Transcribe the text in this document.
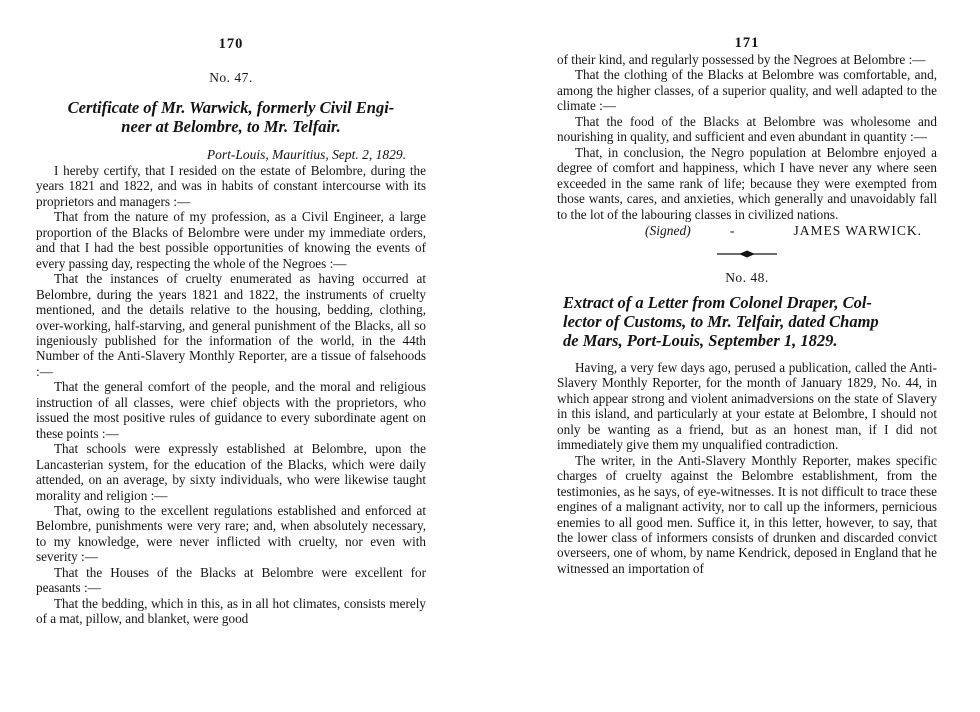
170

No. 47.

Certificate of Mr. Warwick, formerly Civil Engi-
neer at Belombre, to Mr. Telfair.

Port-Louis, Mauritius, Sept. 2, 1829.

I hereby certify, that I resided on the estate of Belombre, during the years 1821 and 1822, and was in habits of constant intercourse with its proprietors and managers :—

That from the nature of my profession, as a Civil Engineer, a large proportion of the Blacks of Belombre were under my immediate orders, and that I had the best possible opportunities of knowing the events of every passing day, respecting the whole of the Negroes :—

That the instances of cruelty enumerated as having occurred at Belombre, during the years 1821 and 1822, the instruments of cruelty mentioned, and the details relative to the housing, bedding, clothing, over-working, half-starving, and general punishment of the Blacks, all so ingeniously published for the information of the world, in the 44th Number of the Anti-Slavery Monthly Reporter, are a tissue of falsehoods :—

That the general comfort of the people, and the moral and religious instruction of all classes, were chief objects with the proprietors, who issued the most positive rules of guidance to every subordinate agent on these points :—

That schools were expressly established at Belombre, upon the Lancasterian system, for the education of the Blacks, which were daily attended, on an average, by sixty individuals, who were likewise taught morality and religion :—

That, owing to the excellent regulations established and enforced at Belombre, punishments were very rare; and, when absolutely necessary, to my knowledge, were never inflicted with cruelty, nor even with severity :—

That the Houses of the Blacks at Belombre were excellent for peasants :—

That the bedding, which in this, as in all hot climates, consists merely of a mat, pillow, and blanket, were good

171

of their kind, and regularly possessed by the Negroes at Belombre :—

That the clothing of the Blacks at Belombre was comfortable, and, among the higher classes, of a superior quality, and well adapted to the climate :—

That the food of the Blacks at Belombre was wholesome and nourishing in quality, and sufficient and even abundant in quantity :—

That, in conclusion, the Negro population at Belombre enjoyed a degree of comfort and happiness, which I have never any where seen exceeded in the same rank of life; because they were exempted from those wants, cares, and anxieties, which generally and unavoidably fall to the lot of the labouring classes in civilized nations.

(Signed)	-	JAMES WARWICK.

No. 48.

Extract of a Letter from Colonel Draper, Col-
lector of Customs, to Mr. Telfair, dated Champ
de Mars, Port-Louis, September 1, 1829.

Having, a very few days ago, perused a publication, called the Anti-Slavery Monthly Reporter, for the month of January 1829, No. 44, in which appear strong and violent animadversions on the state of Slavery in this island, and particularly at your estate at Belombre, I should not only be wanting as a friend, but as an honest man, if I did not immediately give them my unqualified contradiction.

The writer, in the Anti-Slavery Monthly Reporter, makes specific charges of cruelty against the Belombre establishment, from the testimonies, as he says, of eye-witnesses. It is not difficult to trace these engines of a malignant activity, nor to call up the informers, pernicious enemies to all good men. Suffice it, in this letter, however, to say, that the lower class of informers consists of drunken and discarded convict overseers, one of whom, by name Kendrick, deposed in England that he witnessed an importation of
